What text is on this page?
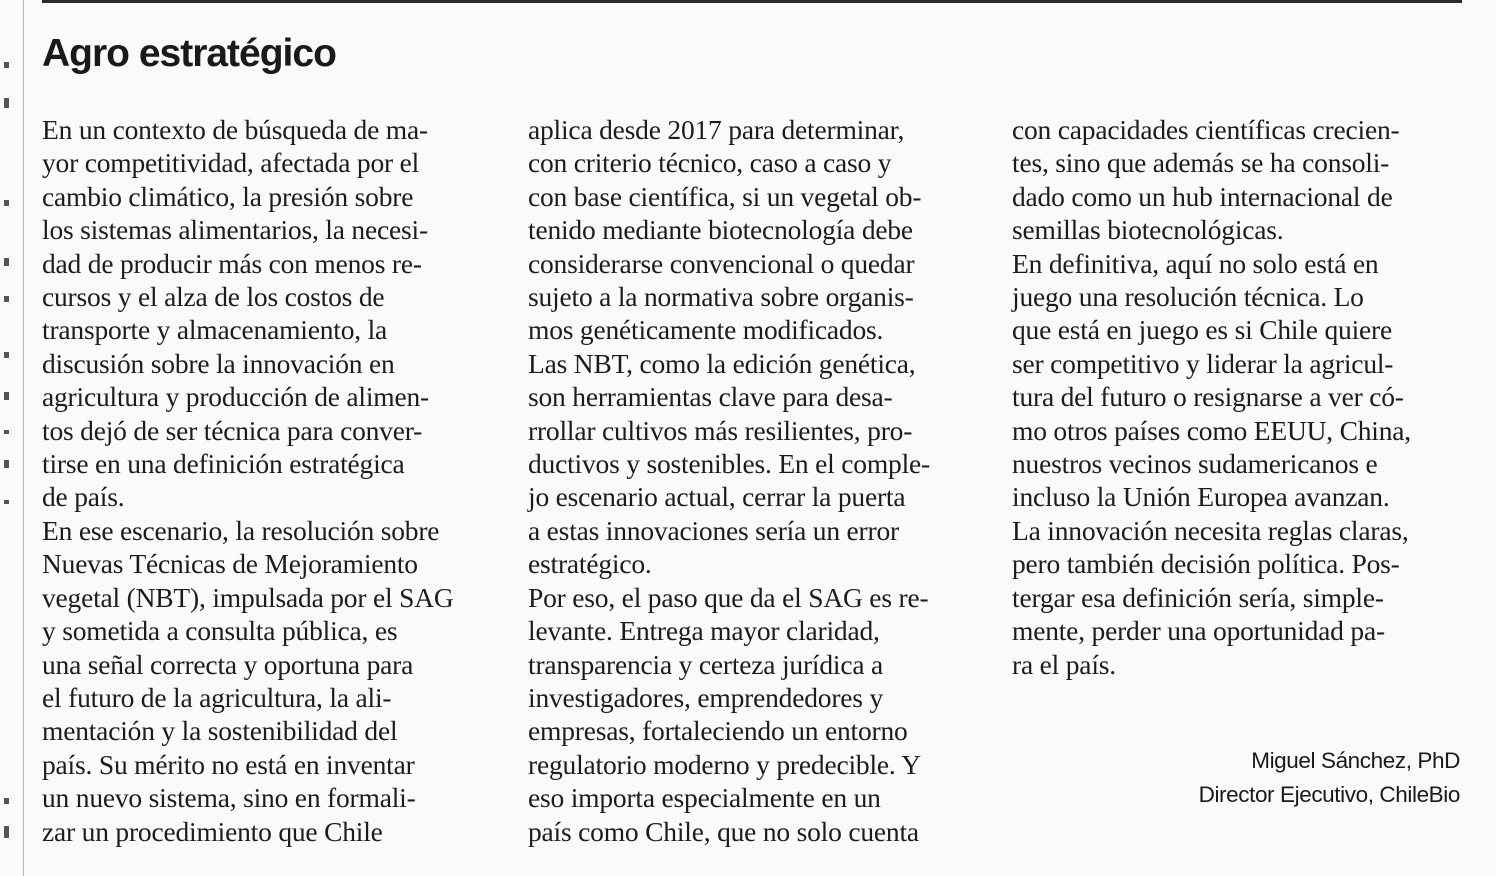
Agro estratégico
En un contexto de búsqueda de ma-
yor competitividad, afectada por el
cambio climático, la presión sobre
los sistemas alimentarios, la necesi-
dad de producir más con menos re-
cursos y el alza de los costos de
transporte y almacenamiento, la
discusión sobre la innovación en
agricultura y producción de alimen-
tos dejó de ser técnica para conver-
tirse en una definición estratégica
de país.
En ese escenario, la resolución sobre
Nuevas Técnicas de Mejoramiento
vegetal (NBT), impulsada por el SAG
y sometida a consulta pública, es
una señal correcta y oportuna para
el futuro de la agricultura, la ali-
mentación y la sostenibilidad del
país. Su mérito no está en inventar
un nuevo sistema, sino en formali-
zar un procedimiento que Chile
aplica desde 2017 para determinar,
con criterio técnico, caso a caso y
con base científica, si un vegetal ob-
tenido mediante biotecnología debe
considerarse convencional o quedar
sujeto a la normativa sobre organis-
mos genéticamente modificados.
Las NBT, como la edición genética,
son herramientas clave para desa-
rrollar cultivos más resilientes, pro-
ductivos y sostenibles. En el comple-
jo escenario actual, cerrar la puerta
a estas innovaciones sería un error
estratégico.
Por eso, el paso que da el SAG es re-
levante. Entrega mayor claridad,
transparencia y certeza jurídica a
investigadores, emprendedores y
empresas, fortaleciendo un entorno
regulatorio moderno y predecible. Y
eso importa especialmente en un
país como Chile, que no solo cuenta
con capacidades científicas crecien-
tes, sino que además se ha consoli-
dado como un hub internacional de
semillas biotecnológicas.
En definitiva, aquí no solo está en
juego una resolución técnica. Lo
que está en juego es si Chile quiere
ser competitivo y liderar la agricul-
tura del futuro o resignarse a ver có-
mo otros países como EEUU, China,
nuestros vecinos sudamericanos e
incluso la Unión Europea avanzan.
La innovación necesita reglas claras,
pero también decisión política. Pos-
tergar esa definición sería, simple-
mente, perder una oportunidad pa-
ra el país.
Miguel Sánchez, PhD
Director Ejecutivo, ChileBio
